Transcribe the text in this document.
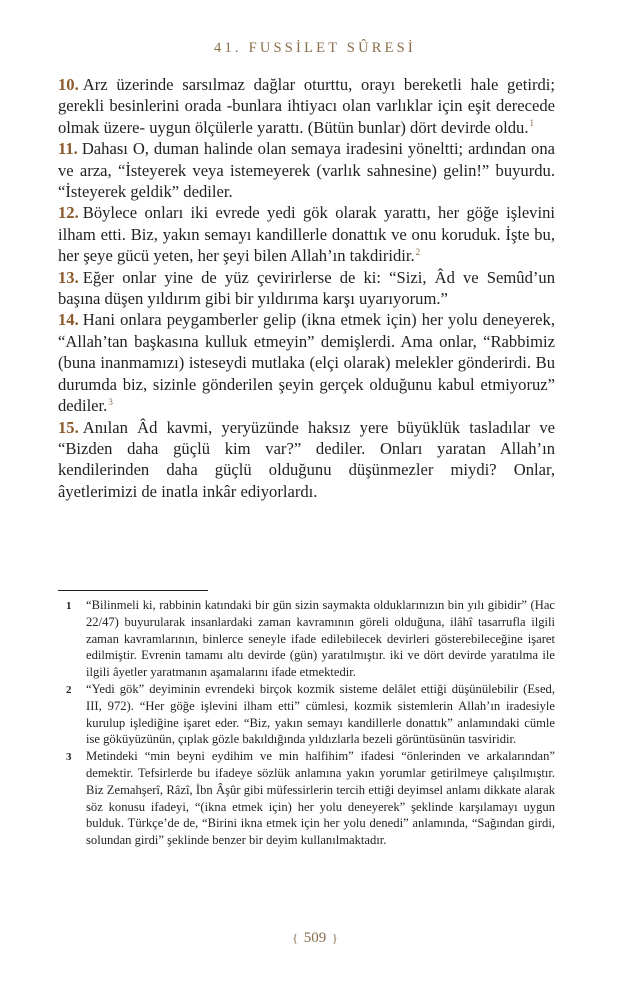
41. FUSSİLET SÛRESİ

10. Arz üzerinde sarsılmaz dağlar oturttu, orayı bereketli hale getirdi; gerekli besinlerini orada -bunlara ihtiyacı olan varlıklar için eşit derecede olmak üzere- uygun ölçülerle yarattı. (Bütün bunlar) dört devirde oldu.$^1$

11. Dahası O, duman halinde olan semaya iradesini yöneltti; ardından ona ve arza, “İsteyerek veya istemeyerek (varlık sahnesine) gelin!” buyurdu. “İsteyerek geldik” dediler.

12. Böylece onları iki evrede yedi gök olarak yarattı, her göğe işlevini ilham etti. Biz, yakın semayı kandillerle donattık ve onu koruduk. İşte bu, her şeye gücü yeten, her şeyi bilen Allah’ın takdiridir.$^2$

13. Eğer onlar yine de yüz çevirirlerse de ki: “Sizi, Âd ve Semûd’un başına düşen yıldırım gibi bir yıldırıma karşı uyarıyorum.”

14. Hani onlara peygamberler gelip (ikna etmek için) her yolu deneyerek, “Allah’tan başkasına kulluk etmeyin” demişlerdi. Ama onlar, “Rabbimiz (buna inanmamızı) isteseydi mutlaka (elçi olarak) melekler gönderirdi. Bu durumda biz, sizinle gönderilen şeyin gerçek olduğunu kabul etmiyoruz” dediler.$^3$

15. Anılan Âd kavmi, yeryüzünde haksız yere büyüklük tasladılar ve “Bizden daha güçlü kim var?” dediler. Onları yaratan Allah’ın kendilerinden daha güçlü olduğunu düşünmezler miydi? Onlar, âyetlerimizi de inatla inkâr ediyorlardı.

1	“Bilinmeli ki, rabbinin katındaki bir gün sizin saymakta olduklarınızın bin yılı gibidir” (Hac 22/47) buyurularak insanlardaki zaman kavramının göreli olduğuna, ilâhî tasarrufla ilgili zaman kavramlarının, binlerce seneyle ifade edilebilecek devirleri gösterebileceğine işaret edilmiştir. Evrenin tamamı altı devirde (gün) yaratılmıştır. iki ve dört devirde yaratılma ile ilgili âyetler yaratmanın aşamalarını ifade etmektedir.
2	“Yedi gök” deyiminin evrendeki birçok kozmik sisteme delâlet ettiği düşünülebilir (Esed, III, 972). “Her göğe işlevini ilham etti” cümlesi, kozmik sistemlerin Allah’ın iradesiyle kurulup işlediğine işaret eder. “Biz, yakın semayı kandillerle donattık” anlamındaki cümle ise göküyüzünün, çıplak gözle bakıldığında yıldızlarla bezeli görüntüsünün tasviridir.
3	Metindeki “min beyni eydihim ve min halfihim” ifadesi “önlerinden ve arkalarından” demektir. Tefsirlerde bu ifadeye sözlük anlamına yakın yorumlar getirilmeye çalışılmıştır. Biz Zemahşerî, Râzî, İbn Âşûr gibi müfessirlerin tercih ettiği deyimsel anlamı dikkate alarak söz konusu ifadeyi, “(ikna etmek için) her yolu deneyerek” şeklinde karşılamayı uygun bulduk. Türkçe’de de, “Birini ikna etmek için her yolu denedi” anlamında, “Sağından girdi, solundan girdi” şeklinde benzer bir deyim kullanılmaktadır.
{ 509 }
